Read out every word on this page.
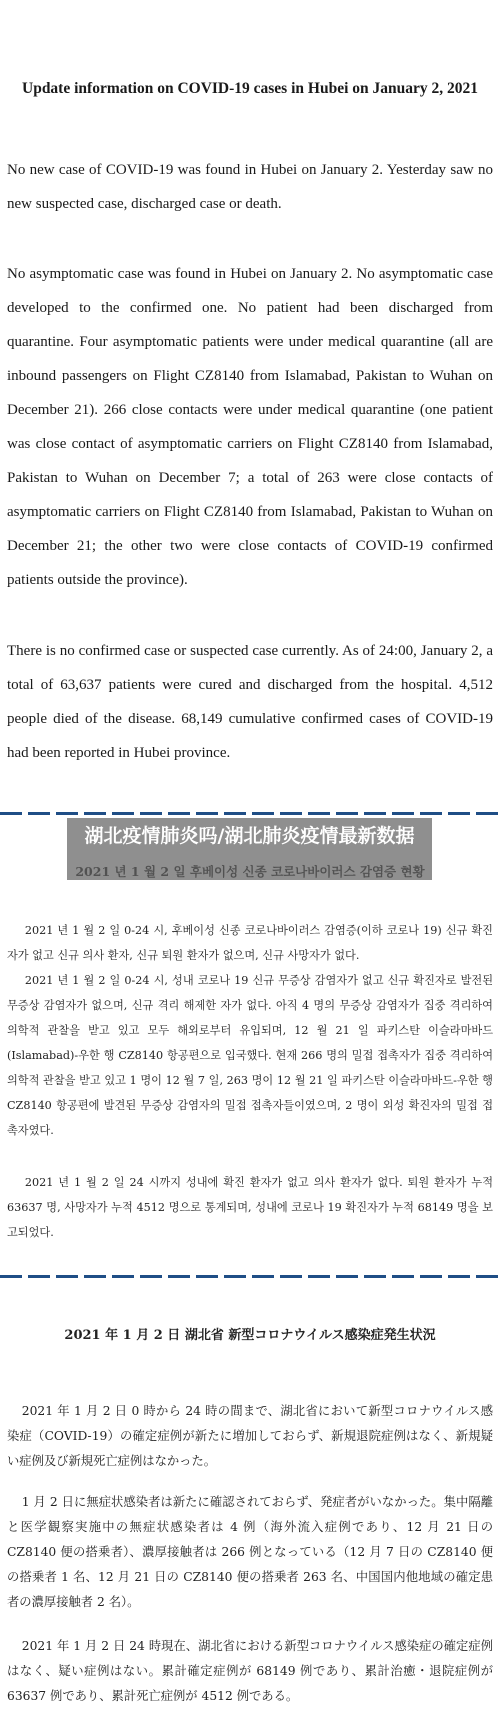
Update information on COVID-19 cases in Hubei on January 2, 2021

No new case of COVID-19 was found in Hubei on January 2. Yesterday saw no new suspected case, discharged case or death.

No asymptomatic case was found in Hubei on January 2. No asymptomatic case developed to the confirmed one. No patient had been discharged from quarantine. Four asymptomatic patients were under medical quarantine (all are inbound passengers on Flight CZ8140 from Islamabad, Pakistan to Wuhan on December 21). 266 close contacts were under medical quarantine (one patient was close contact of asymptomatic carriers on Flight CZ8140 from Islamabad, Pakistan to Wuhan on December 7; a total of 263 were close contacts of asymptomatic carriers on Flight CZ8140 from Islamabad, Pakistan to Wuhan on December 21; the other two were close contacts of COVID-19 confirmed patients outside the province).

There is no confirmed case or suspected case currently. As of 24:00, January 2, a total of 63,637 patients were cured and discharged from the hospital. 4,512 people died of the disease. 68,149 cumulative confirmed cases of COVID-19 had been reported in Hubei province.

湖北疫情肺炎吗/湖北肺炎疫情最新数据

2021 년 1 월 2 일 0-24 시, 후베이성 신종 코로나바이러스 감염증(이하 코로나 19) 신규 확진자가 없고 신규 의사 환자, 신규 퇴원 환자가 없으며, 신규 사망자가 없다.

2021 년 1 월 2 일 0-24 시, 성내 코로나 19 신규 무증상 감염자가 없고 신규 확진자로 발전된 무증상 감염자가 없으며, 신규 격리 해제한 자가 없다. 아직 4 명의 무증상 감염자가 집중 격리하여 의학적 관찰을 받고 있고 모두 해외로부터 유입되며, 12 월 21 일 파키스탄 이슬라마바드(Islamabad)-우한 행 CZ8140 항공편으로 입국했다. 현재 266 명의 밀접 접촉자가 집중 격리하여 의학적 관찰을 받고 있고 1 명이 12 월 7 일, 263 명이 12 월 21 일 파키스탄 이슬라마바드-우한 행 CZ8140 항공편에 발견된 무증상 감염자의 밀접 접촉자들이였으며, 2 명이 외성 확진자의 밀접 접촉자였다.

2021 년 1 월 2 일 24 시까지 성내에 확진 환자가 없고 의사 환자가 없다. 퇴원 환자가 누적 63637 명, 사망자가 누적 4512 명으로 통계되며, 성내에 코로나 19 확진자가 누적 68149 명을 보고되었다.

2021 年 1 月 2 日 湖北省 新型コロナウイルス感染症発生状況

2021 年 1 月 2 日 0 時から 24 時の間まで、湖北省において新型コロナウイルス感染症（COVID-19）の確定症例が新たに増加しておらず、新規退院症例はなく、新規疑い症例及び新規死亡症例はなかった。

1 月 2 日に無症状感染者は新たに確認されておらず、発症者がいなかった。集中隔離と医学観察実施中の無症状感染者は 4 例（海外流入症例であり、12 月 21 日の CZ8140 便の搭乗者）、濃厚接触者は 266 例となっている（12 月 7 日の CZ8140 便の搭乗者 1 名、12 月 21 日の CZ8140 便の搭乗者 263 名、中国国内他地域の確定患者の濃厚接触者 2 名）。

2021 年 1 月 2 日 24 時現在、湖北省における新型コロナウイルス感染症の確定症例はなく、疑い症例はない。累計確定症例が 68149 例であり、累計治癒・退院症例が 63637 例であり、累計死亡症例が 4512 例である。
